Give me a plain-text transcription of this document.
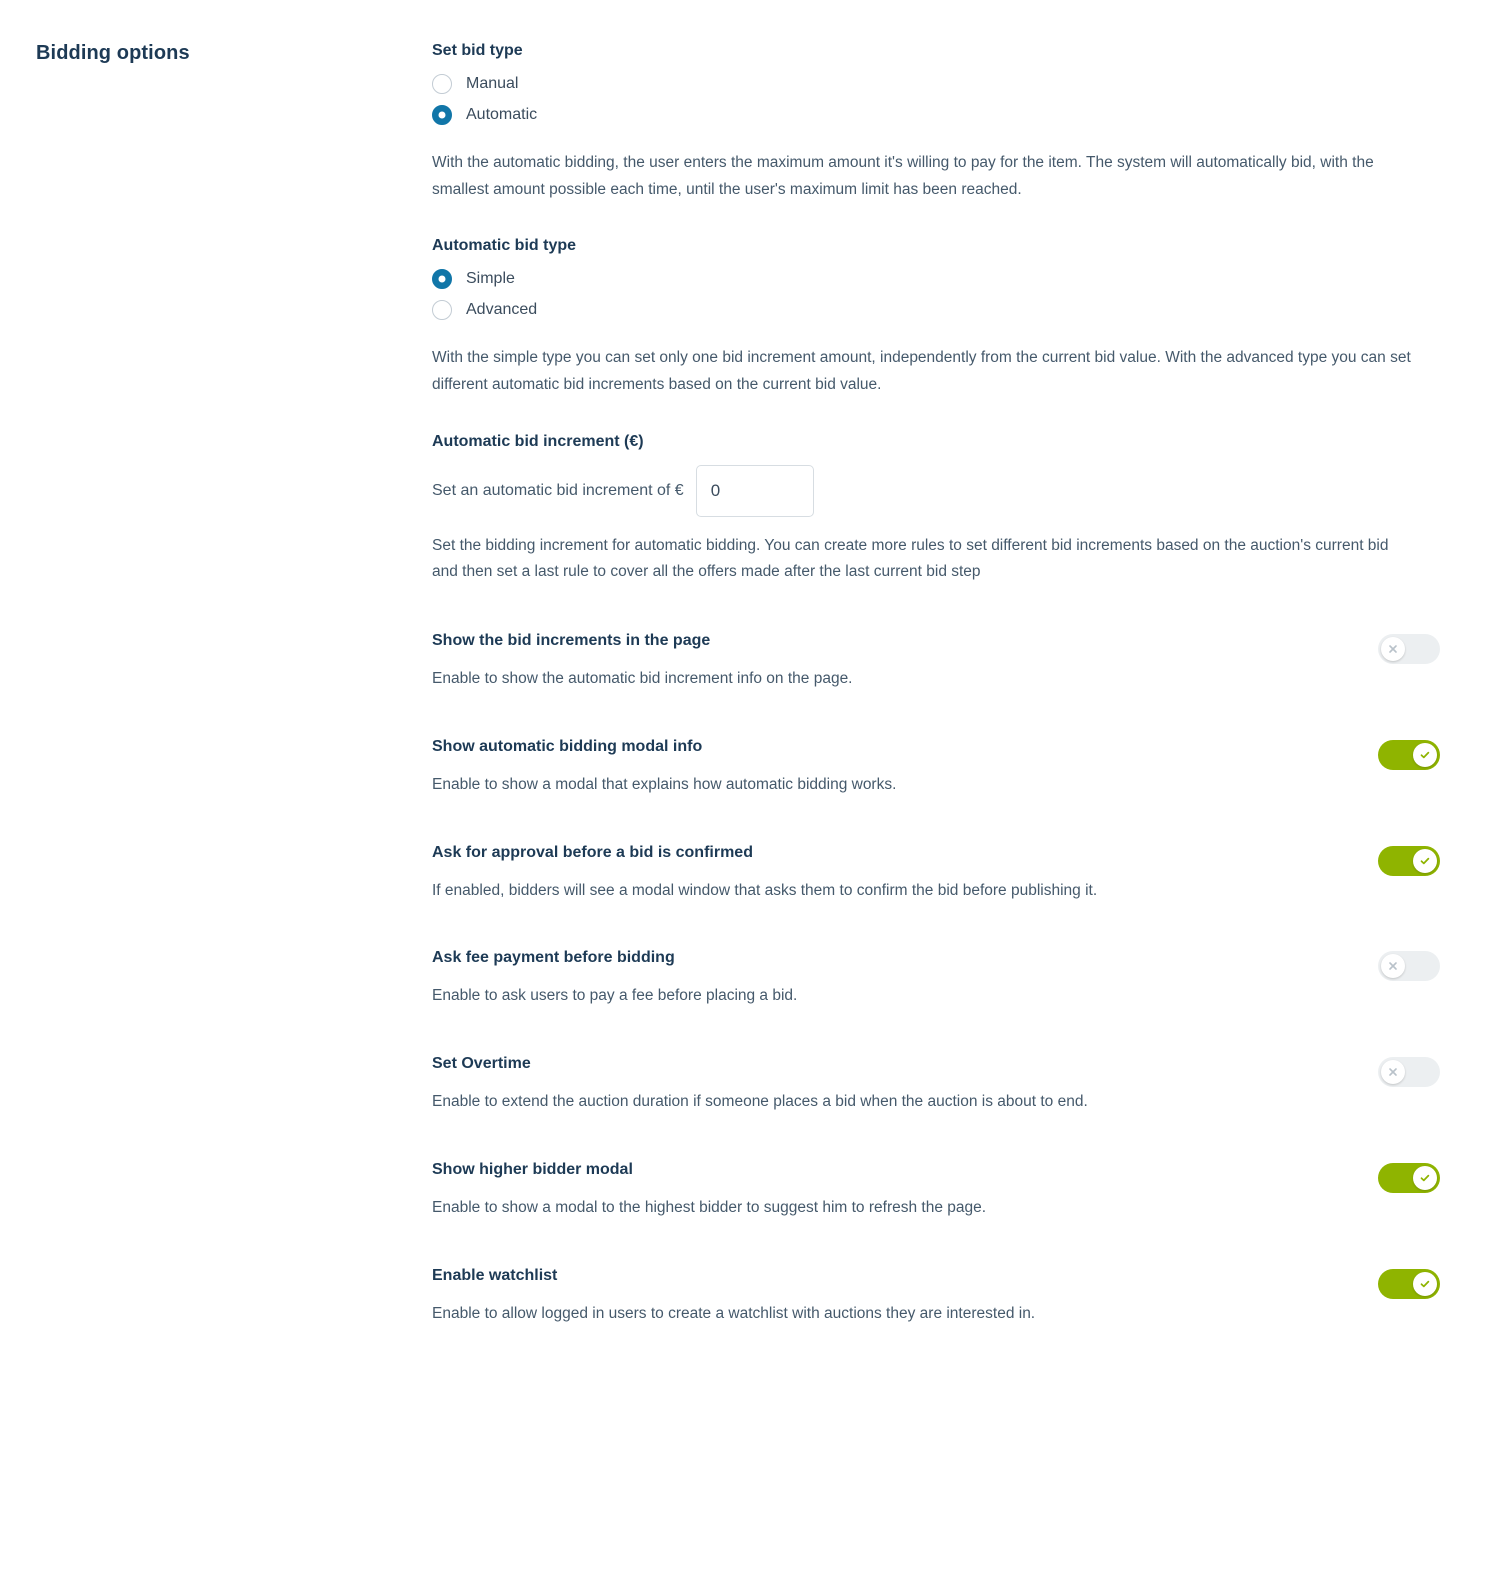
Bidding options	Set bid type
Manual
Automatic
With the automatic bidding, the user enters the maximum amount it's willing to pay for the item. The system will automatically bid, with the smallest amount possible each time, until the user's maximum limit has been reached.
Automatic bid type
Simple
Advanced
With the simple type you can set only one bid increment amount, independently from the current bid value. With the advanced type you can set different automatic bid increments based on the current bid value.
Automatic bid increment (€)
Set an automatic bid increment of €
0
Set the bidding increment for automatic bidding. You can create more rules to set different bid increments based on the auction's current bid and then set a last rule to cover all the offers made after the last current bid step
Show the bid increments in the page
Enable to show the automatic bid increment info on the page.
Show automatic bidding modal info
Enable to show a modal that explains how automatic bidding works.
Ask for approval before a bid is confirmed
If enabled, bidders will see a modal window that asks them to confirm the bid before publishing it.
Ask fee payment before bidding
Enable to ask users to pay a fee before placing a bid.
Set Overtime
Enable to extend the auction duration if someone places a bid when the auction is about to end.
Show higher bidder modal
Enable to show a modal to the highest bidder to suggest him to refresh the page.
Enable watchlist
Enable to allow logged in users to create a watchlist with auctions they are interested in.
